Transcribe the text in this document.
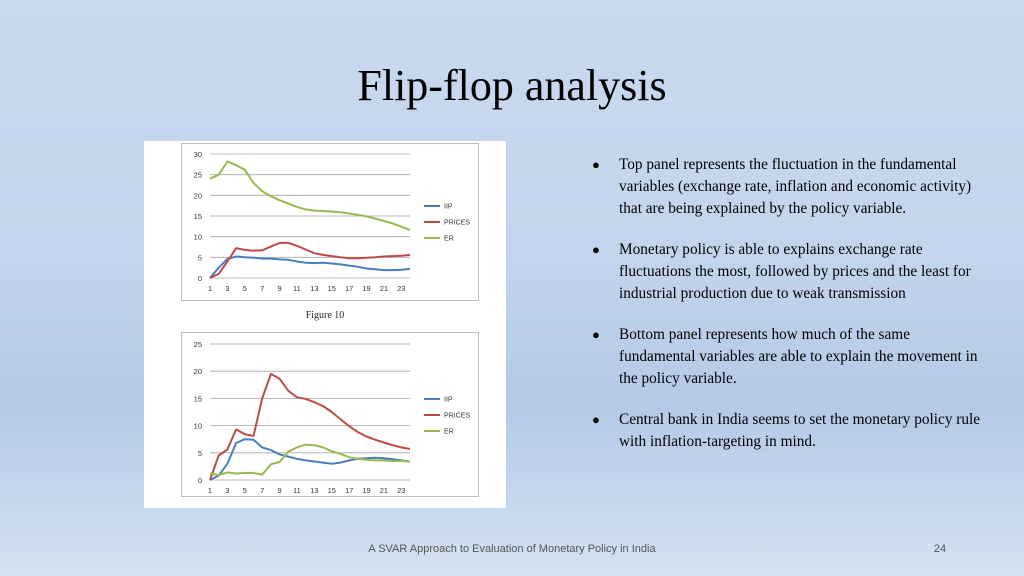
Flip-flop analysis
0
5
10
15
20
25
30
1 3 5 7 9 11 13 15 17 19 21 23
IIP
PRICES
ER
Figure 10
0
5
10
15
20
25
1 3 5 7 9 11 13 15 17 19 21 23
IIP
PRICES
ER
● Top panel represents the fluctuation in the fundamental variables (exchange rate, inflation and economic activity) that are being explained by the policy variable.
● Monetary policy is able to explains exchange rate fluctuations the most, followed by prices and the least for industrial production due to weak transmission
● Bottom panel represents how much of the same fundamental variables are able to explain the movement in the policy variable.
● Central bank in India seems to set the monetary policy rule with inflation-targeting in mind.
A SVAR Approach to Evaluation of Monetary Policy in India	24
